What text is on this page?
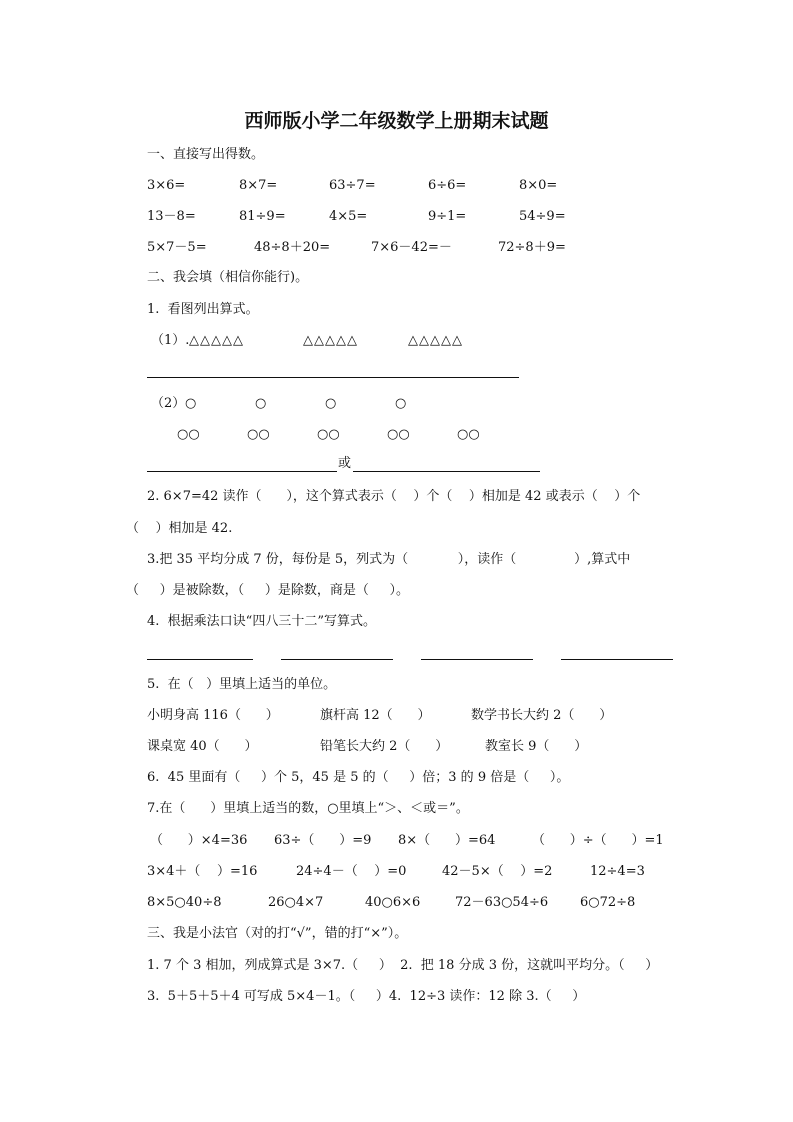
西师版小学二年级数学上册期末试题
一、直接写出得数。
3×6=	8×7=	63÷7=	6÷6=	8×0=
13－8=	81÷9=	4×5=	9÷1=	54÷9=
5×7－5=	48÷8＋20=	7×6－42=－	72÷8＋9=
二、我会填（相信你能行)。
1.  看图列出算式。
（1）. △△△△△	△△△△△	△△△△△
（2） ○	○	○	○
○○	○○	○○	○○	○○
或
2. 6×7=42 读作（      ），这个算式表示（    ）个（    ）相加是 42 或表示（    ）个
（    ）相加是 42.
3.把 35 平均分成 7 份，每份是 5，列式为（            ），读作（              ）,算式中
（     ）是被除数，（     ）是除数，商是（     ）。
4.  根据乘法口诀“四八三十二”写算式。
5.  在（   ）里填上适当的单位。
小明身高 116（      ）	旗杆高 12（      ）	数学书长大约 2（      ）
课桌宽 40（      ）	铅笔长大约 2（      ）	教室长 9（      ）
6.  45 里面有（     ）个 5，45 是 5 的（     ）倍；3 的 9 倍是（     ）。
7.在（      ）里填上适当的数，○里填上“＞、＜或＝”。
（      ）×4=36 63÷（      ）=9 8×（      ）=64	（      ）÷（      ）=1
3×4＋（    ）=16	24÷4－（    ）=0	42－5×（    ）=2	12÷4=3
8×5○40÷8	26○4×7	40○6×6	72－63○54÷6 6○72÷8
三、我是小法官（对的打“√”，错的打“×”）。
1. 7 个 3 相加，列成算式是 3×7.（     ）  2.  把 18 分成 3 份，这就叫平均分。（     ）
3.  5＋5＋5＋4 可写成 5×4－1。（     ）4.  12÷3 读作：12 除 3.（     ）
